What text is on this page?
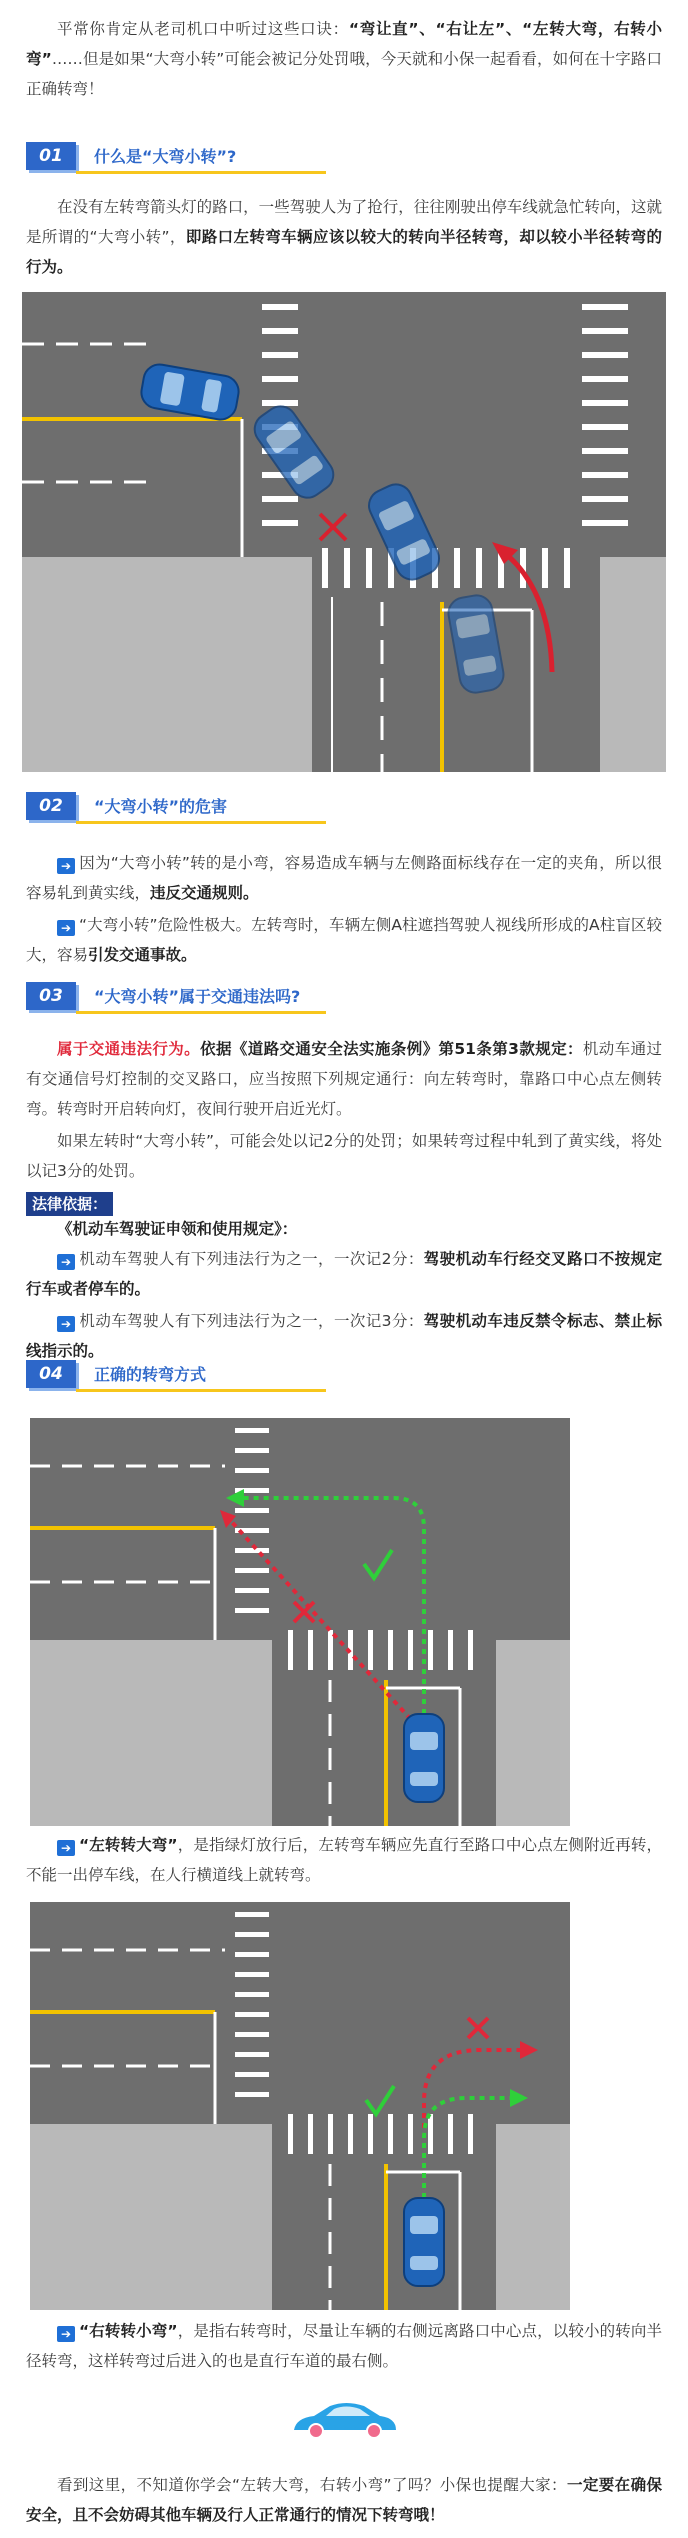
平常你肯定从老司机口中听过这些口诀：“弯让直”、“右让左”、“左转大弯，右转小弯”……但是如果“大弯小转”可能会被记分处罚哦，今天就和小保一起看看，如何在十字路口正确转弯！
01	什么是“大弯小转”?
在没有左转弯箭头灯的路口，一些驾驶人为了抢行，往往刚驶出停车线就急忙转向，这就是所谓的“大弯小转”，即路口左转弯车辆应该以较大的转向半径转弯，却以较小半径转弯的行为。
02	“大弯小转”的危害
➔ 因为“大弯小转”转的是小弯，容易造成车辆与左侧路面标线存在一定的夹角，所以很容易轧到黄实线，违反交通规则。
➔ “大弯小转”危险性极大。左转弯时，车辆左侧A柱遮挡驾驶人视线所形成的A柱盲区较大，容易引发交通事故。
03	“大弯小转”属于交通违法吗?
属于交通违法行为。依据《道路交通安全法实施条例》第51条第3款规定：机动车通过有交通信号灯控制的交叉路口，应当按照下列规定通行：向左转弯时，靠路口中心点左侧转弯。转弯时开启转向灯，夜间行驶开启近光灯。
如果左转时“大弯小转”，可能会处以记2分的处罚；如果转弯过程中轧到了黄实线，将处以记3分的处罚。
法律依据：
《机动车驾驶证申领和使用规定》：
➔ 机动车驾驶人有下列违法行为之一，一次记2分：驾驶机动车行经交叉路口不按规定行车或者停车的。
➔ 机动车驾驶人有下列违法行为之一，一次记3分：驾驶机动车违反禁令标志、禁止标线指示的。
04	正确的转弯方式
➔ “左转转大弯”，是指绿灯放行后，左转弯车辆应先直行至路口中心点左侧附近再转，不能一出停车线，在人行横道线上就转弯。
➔ “右转转小弯”，是指右转弯时，尽量让车辆的右侧远离路口中心点，以较小的转向半径转弯，这样转弯过后进入的也是直行车道的最右侧。
看到这里，不知道你学会“左转大弯，右转小弯”了吗？小保也提醒大家：一定要在确保安全，且不会妨碍其他车辆及行人正常通行的情况下转弯哦！
